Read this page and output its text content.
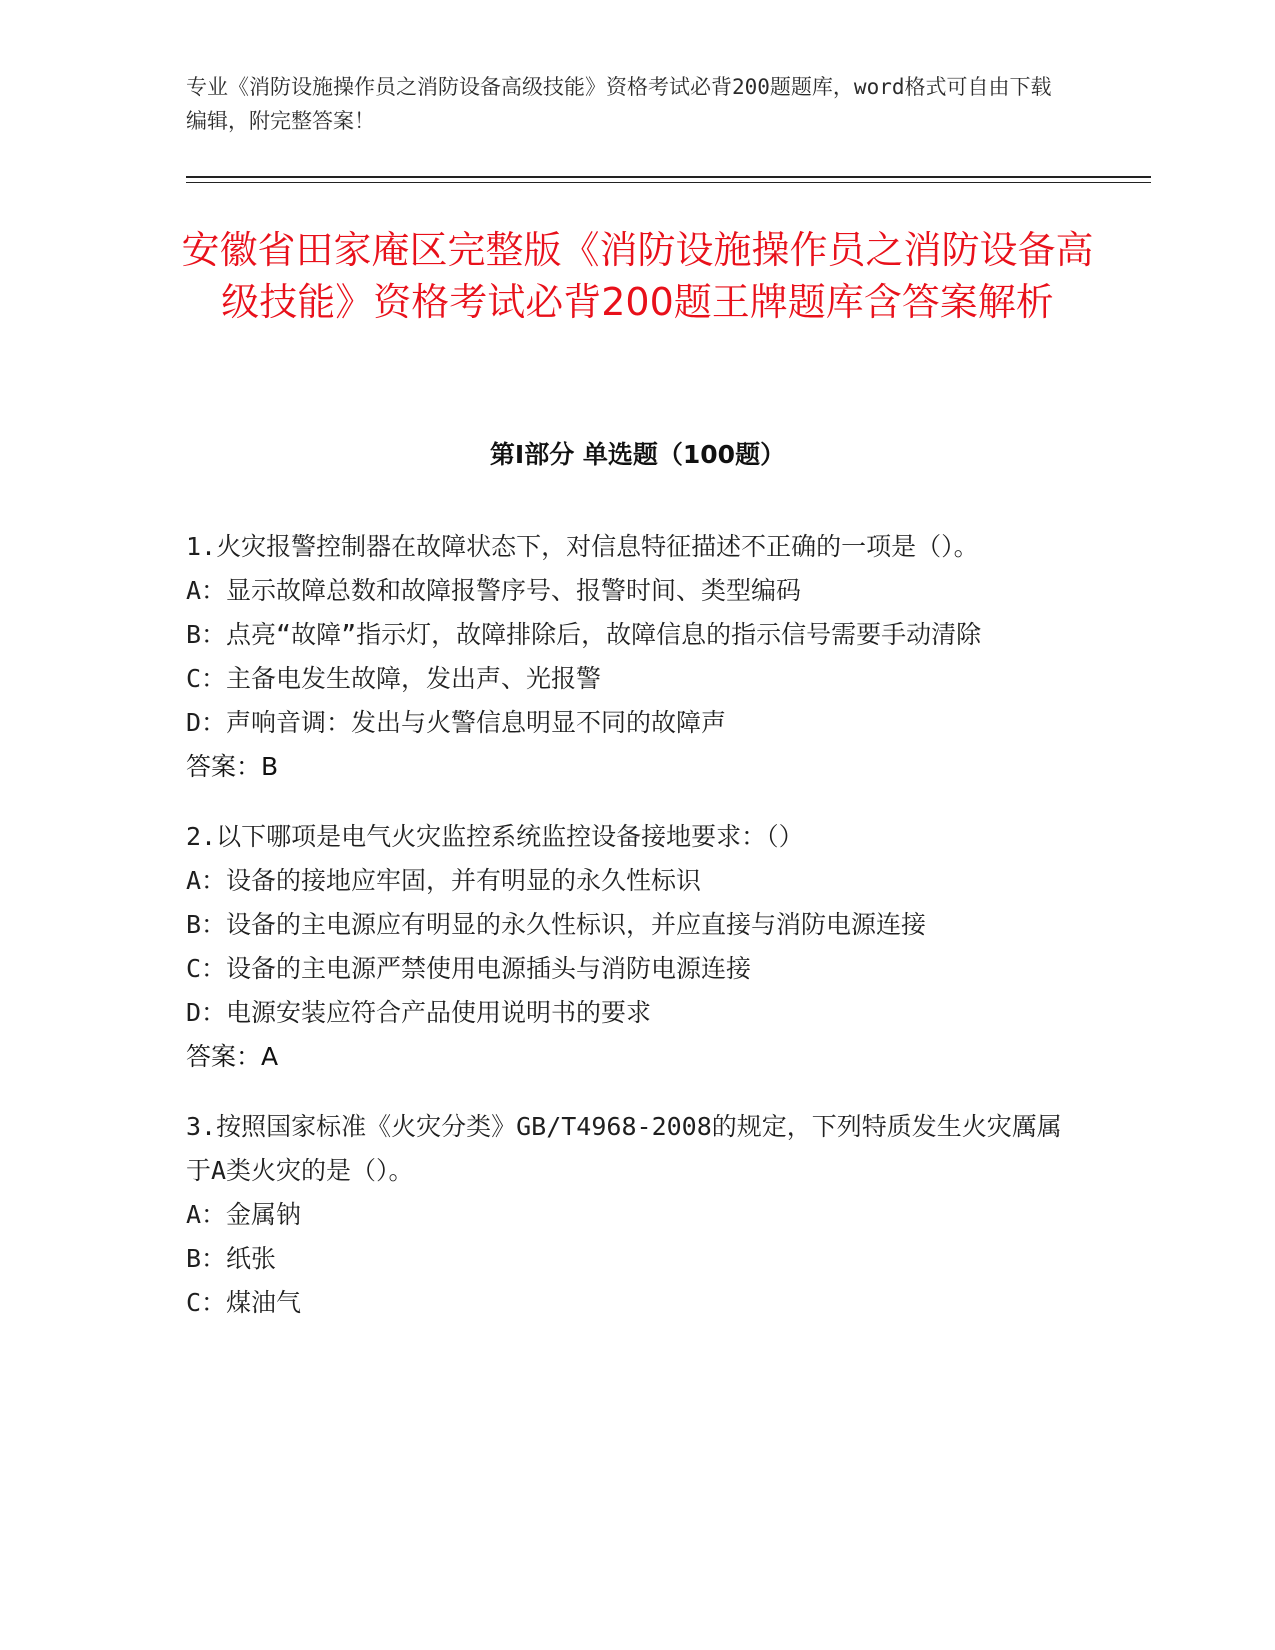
专业《消防设施操作员之消防设备高级技能》资格考试必背200题题库，word格式可自由下载编辑，附完整答案！
安徽省田家庵区完整版《消防设施操作员之消防设备高级技能》资格考试必背200题王牌题库含答案解析
第I部分 单选题（100题）
1.火灾报警控制器在故障状态下，对信息特征描述不正确的一项是（）。
A：显示故障总数和故障报警序号、报警时间、类型编码
B：点亮“故障”指示灯，故障排除后，故障信息的指示信号需要手动清除
C：主备电发生故障，发出声、光报警
D：声响音调：发出与火警信息明显不同的故障声
答案：B
2.以下哪项是电气火灾监控系统监控设备接地要求：（）
A：设备的接地应牢固，并有明显的永久性标识
B：设备的主电源应有明显的永久性标识，并应直接与消防电源连接
C：设备的主电源严禁使用电源插头与消防电源连接
D：电源安装应符合产品使用说明书的要求
答案：A
3.按照国家标准《火灾分类》GB/T4968-2008的规定，下列特质发生火灾厲属于A类火灾的是（）。
A：金属钠
B：纸张
C：煤油气
